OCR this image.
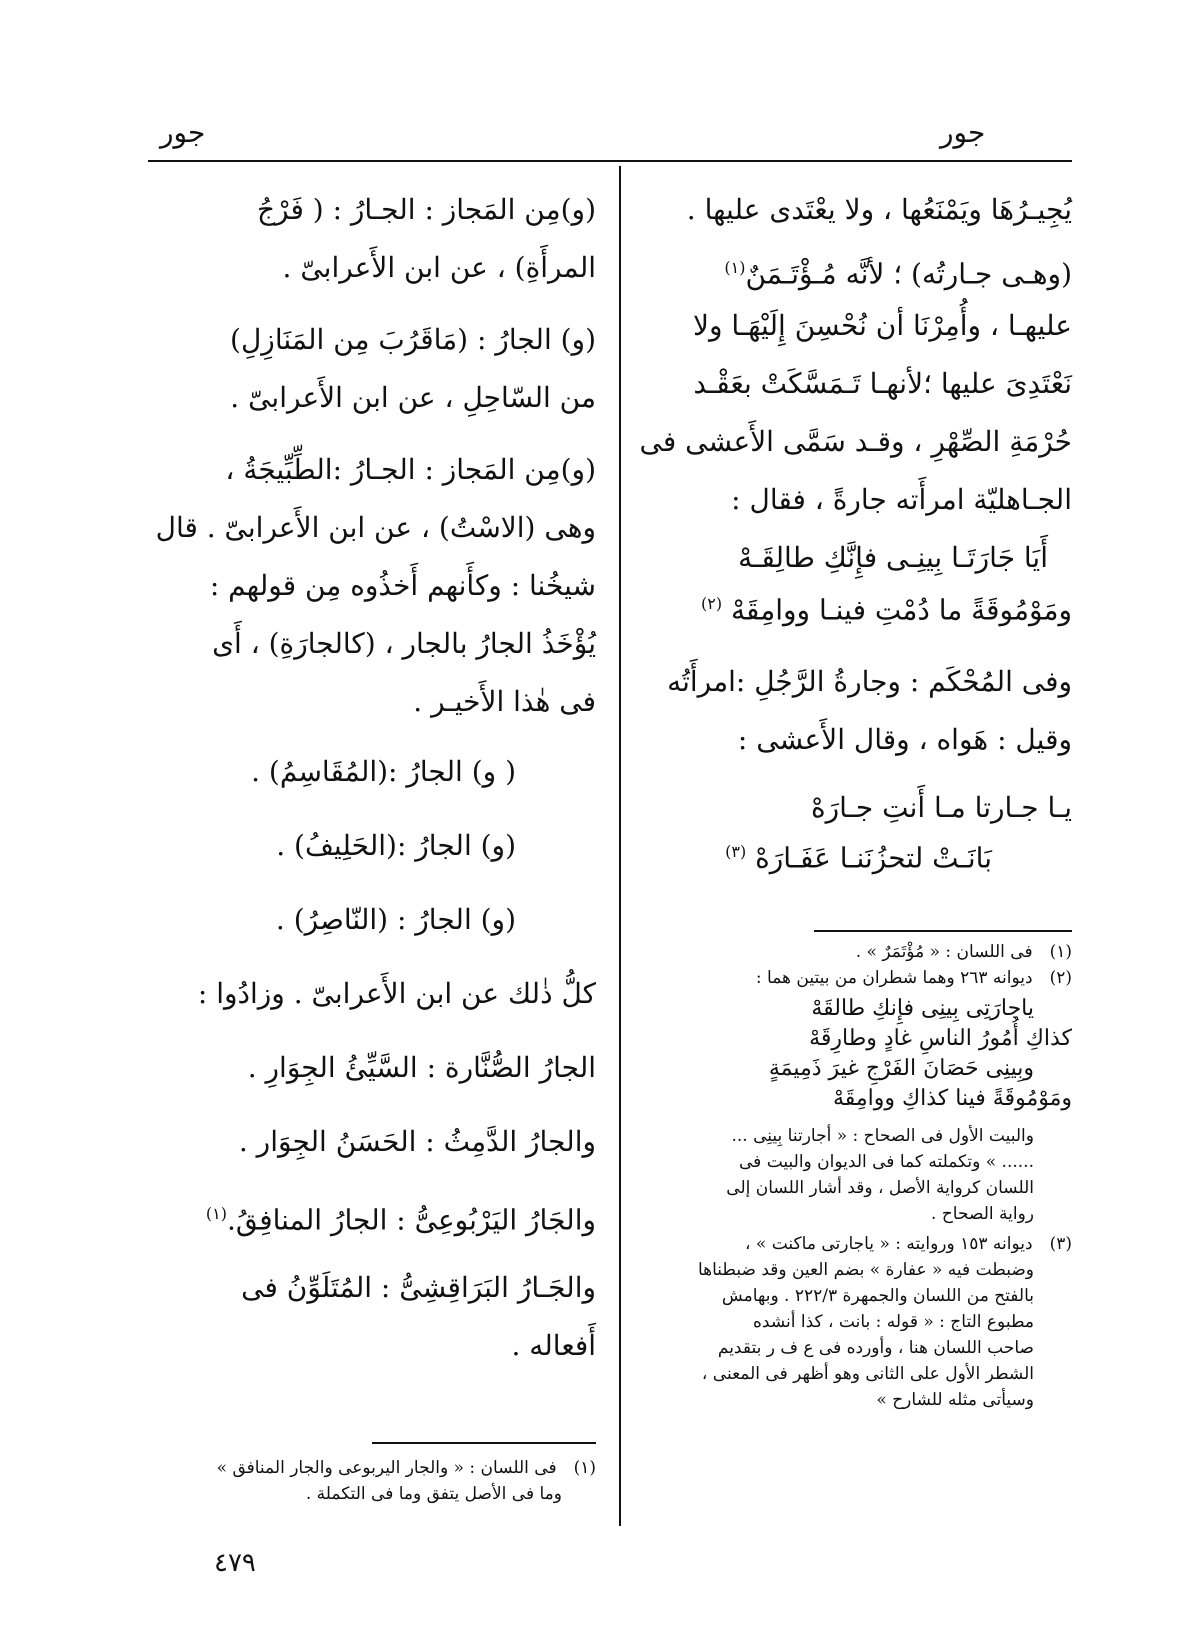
جور
جور
يُجِيـرُهَا ويَمْنَعُها ، ولا يعْتَدى عليها .
(وهـى جـارتُه) ؛ لأنَّه مُـؤْتَـمَنٌ$^{(١)}$
عليهـا ، وأُمِرْنَا أن نُحْسِنَ إِلَيْهَـا ولا
نَعْتَدِىَ عليها ؛لأنهـا تَـمَسَّكَتْ بعَقْـد
حُرْمَةِ الصِّهْرِ ، وقـد سَمَّى الأَعشى فى
الجـاهليّة امرأَته جارةً ، فقال :
أَيَا جَارَتَـا بِينِـى فإِنَّكِ طالِقَـهْ
ومَوْمُوقَةً ما دُمْتِ فينـا ووامِقَهْ $^{(٢)}$
وفى المُحْكَم : وجارةُ الرَّجُلِ :امرأَتُه
وقيل : هَواه ، وقال الأَعشى :
يـا جـارتا مـا أَنتِ جـارَهْ
بَانَـتْ لتحزُنَنـا عَفَـارَهْ $^{(٣)}$
(١) فى اللسان : « مُؤْتَمَرٌ » .
(٢) ديوانه ٢٦٣ وهما شطران من بيتين هما :
ياجارَتِى بِينِى فإِنكِ طالقَهْ
كذاكِ أُمُورُ الناسِ غادٍ وطارِقَهْ
وبِينِى حَصَانَ الفَرْجِ غيرَ ذَمِيمَةٍ
ومَوْمُوقَةً فينا كذاكِ ووامِقَهْ
والبيت الأول فى الصحاح : « أجارتنا بِينِى ...
...... » وتكملته كما فى الديوان والبيت فى
اللسان كرواية الأصل ، وقد أشار اللسان إلى
رواية الصحاح .
(٣) ديوانه ١٥٣ وروايته : « ياجارتى ماكنت » ،
وضبطت فيه « عفارة » بضم العين وقد ضبطناها
بالفتح من اللسان والجمهرة ٢٢٢/٣ . وبهامش
مطبوع التاج : « قوله : بانت ، كذا أنشده
صاحب اللسان هنا ، وأورده فى ع ف ر بتقديم
الشطر الأول على الثانى وهو أظهر فى المعنى ،
وسيأتى مثله للشارح »
(و)مِن المَجاز : الجـارُ : ( فَرْجُ
المرأَةِ) ، عن ابن الأَعرابىّ .
(و) الجارُ : (مَاقَرُبَ مِن المَنَازِلِ)
من السّاحِلِ ، عن ابن الأَعرابىّ .
(و)مِن المَجاز : الجـارُ :الطِّبِّيجَةُ ،
وهى (الاسْتُ) ، عن ابن الأَعرابىّ . قال
شيخُنا : وكأَنهم أَخذُوه مِن قولهم :
يُؤْخَذُ الجارُ بالجار ، (كالجارَةِ) ، أَى
فى هٰذا الأَخيـر .
( و) الجارُ :(المُقَاسِمُ) .
(و) الجارُ :(الحَلِيفُ) .
(و) الجارُ : (النّاصِرُ) .
كلُّ ذٰلك عن ابن الأَعرابىّ . وزادُوا :
الجارُ الصُّنَّارة : السَّيِّئُ الجِوَارِ .
والجارُ الدَّمِثُ : الحَسَنُ الجِوَار .
والجَارُ اليَرْبُوعِىُّ : الجارُ المنافِقُ.$^{(١)}$
والجَـارُ البَرَاقِشِىُّ : المُتَلَوِّنُ فى
أَفعاله .
(١) فى اللسان : « والجار اليربوعى والجار المنافق »
وما فى الأصل يتفق وما فى التكملة .
٤٧٩
